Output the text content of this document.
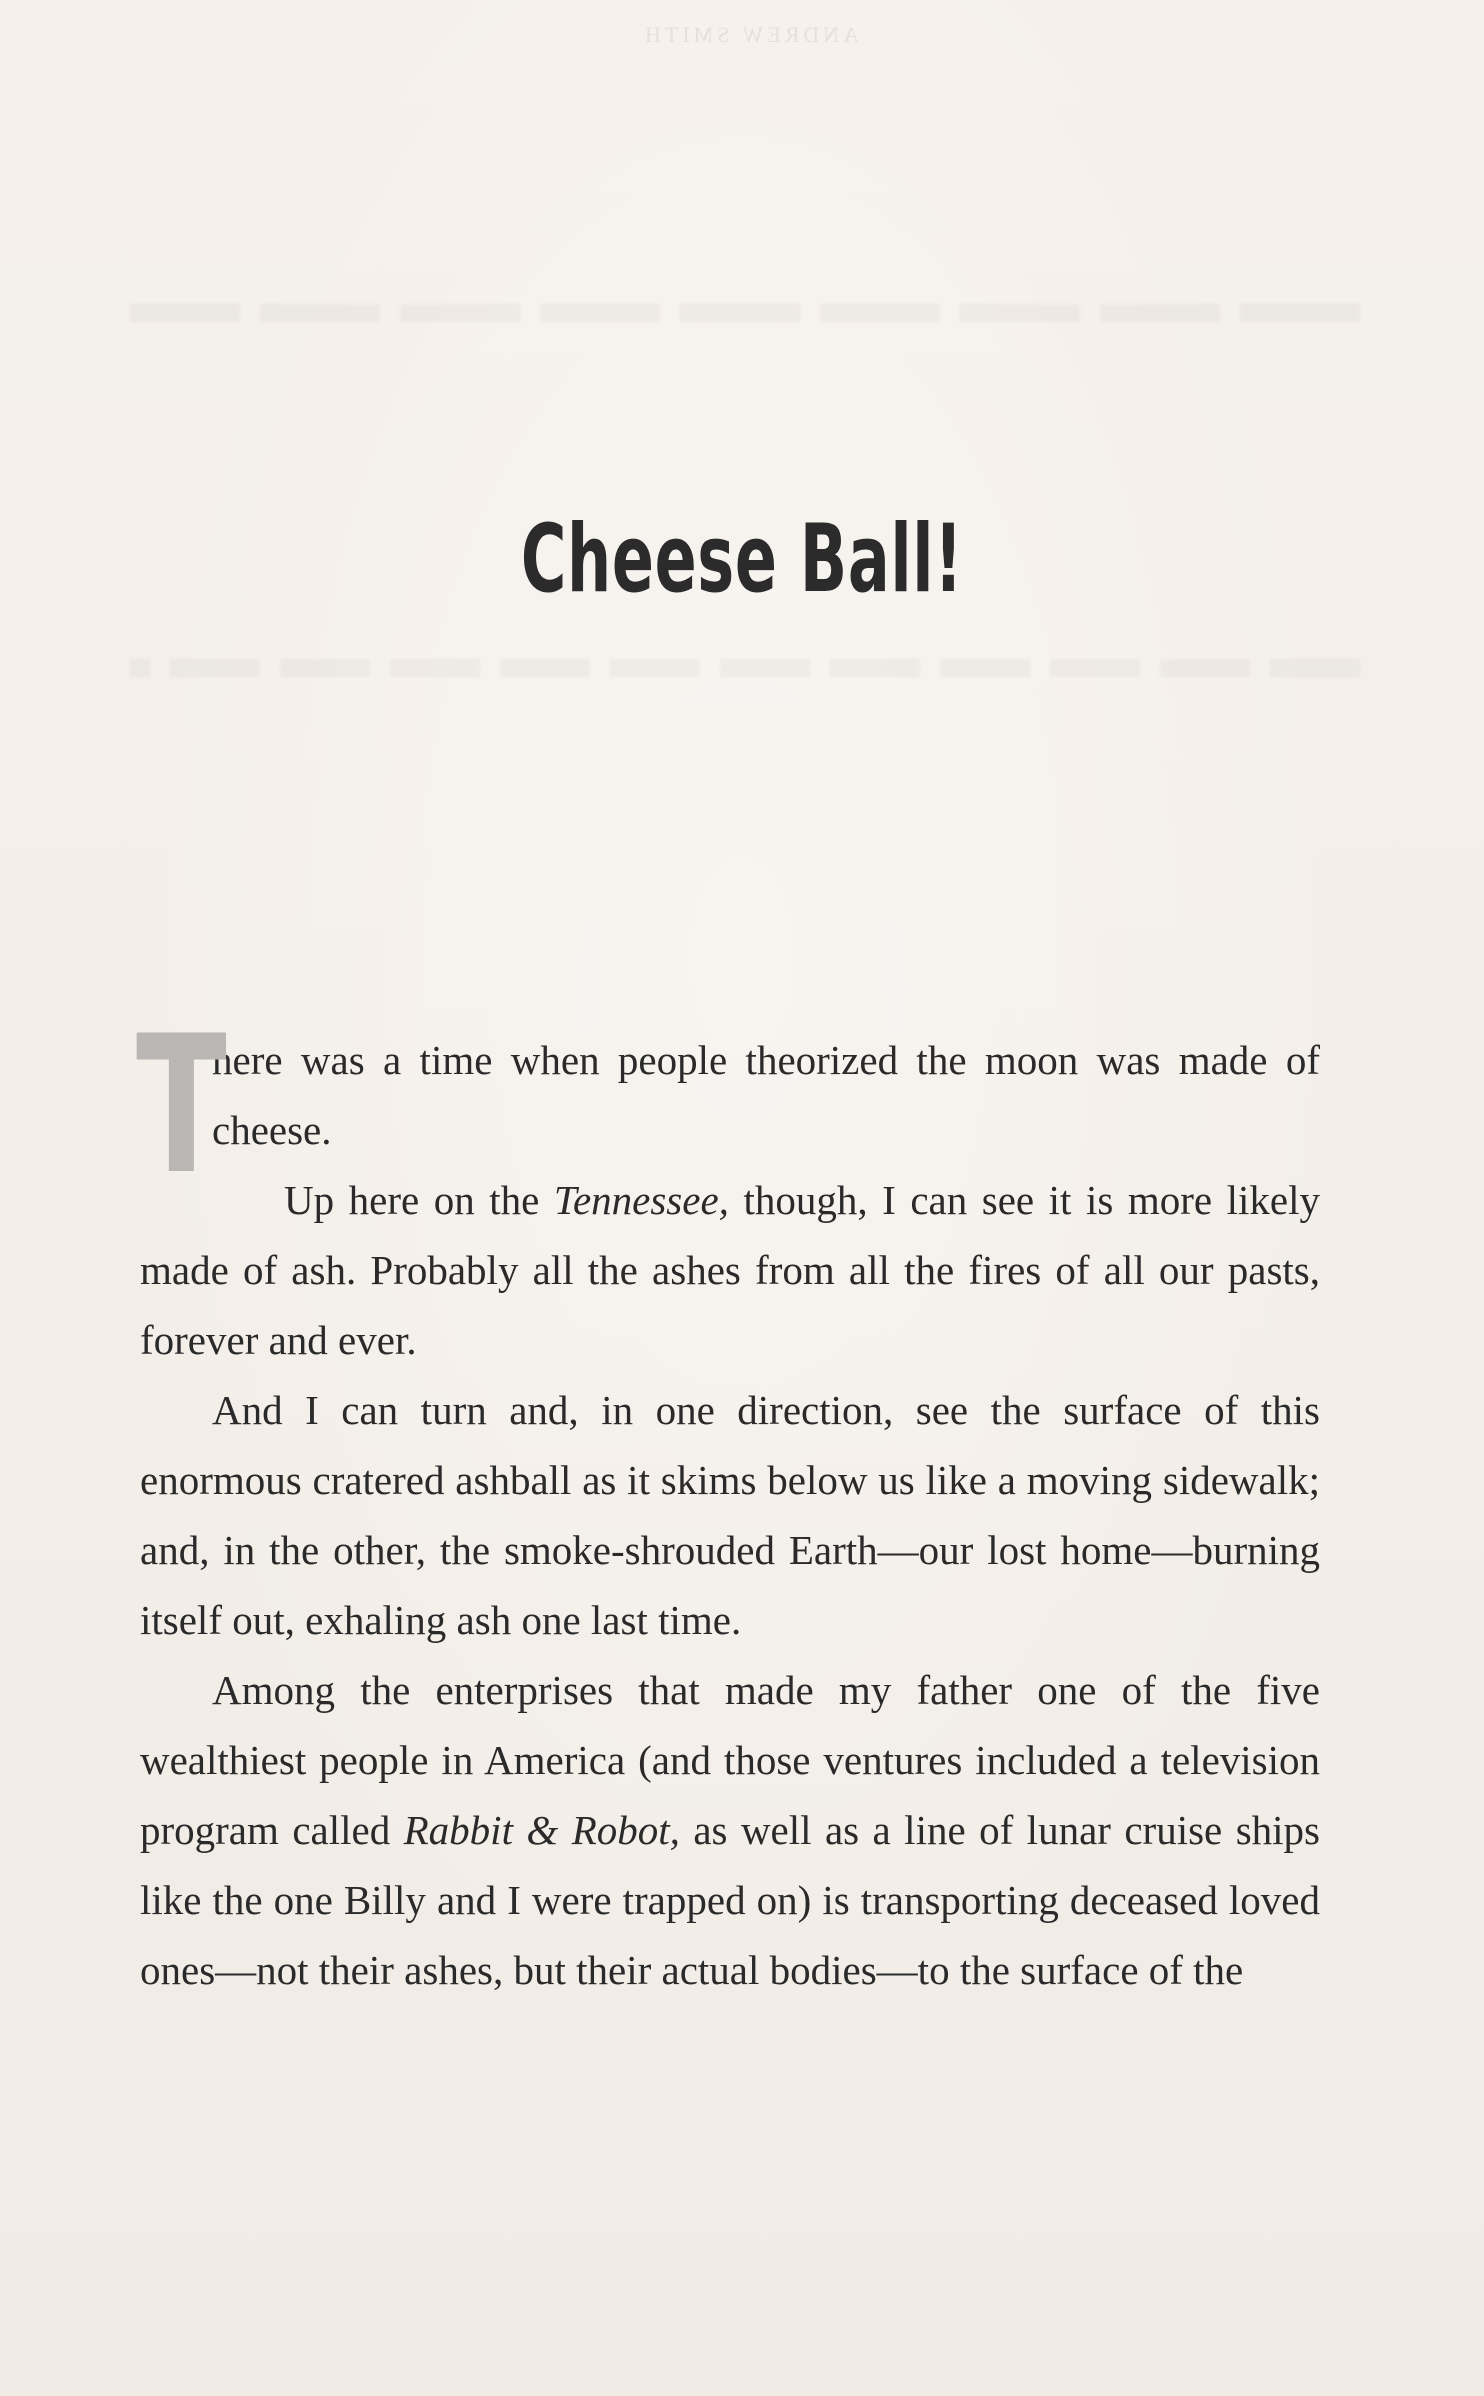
ANDREW SMITH

Cheese Ball!

T
here was a time when people theorized the moon was made of cheese.

Up here on the Tennessee, though, I can see it is more likely made of ash. Probably all the ashes from all the fires of all our pasts, forever and ever.

And I can turn and, in one direction, see the surface of this enormous cratered ashball as it skims below us like a moving sidewalk; and, in the other, the smoke-shrouded Earth—our lost home—burning itself out, exhaling ash one last time.

Among the enterprises that made my father one of the five wealthiest people in America (and those ventures included a television program called Rabbit & Robot, as well as a line of lunar cruise ships like the one Billy and I were trapped on) is transporting deceased loved ones—not their ashes, but their actual bodies—to the surface of the
